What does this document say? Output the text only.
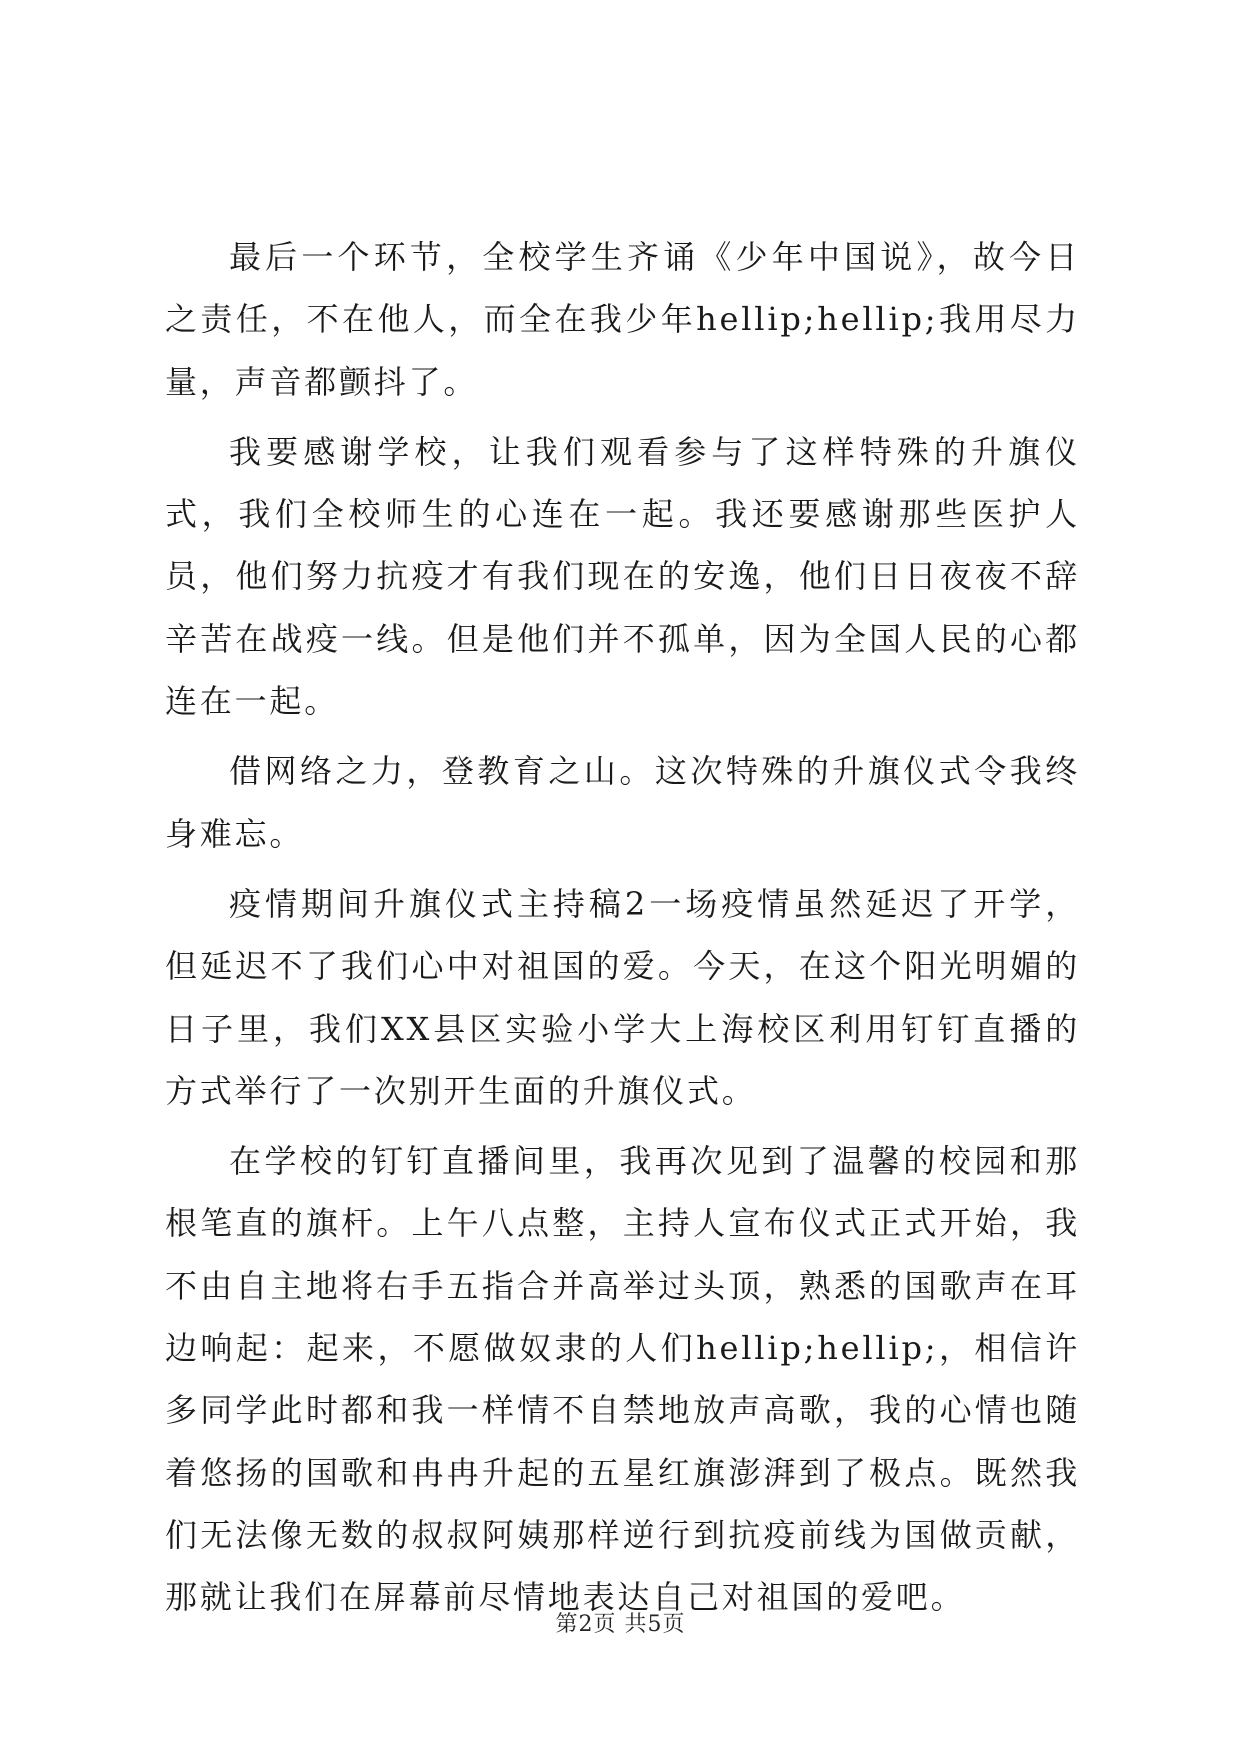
最后一个环节，全校学生齐诵《少年中国说》，故今日之责任，不在他人，而全在我少年hellip;hellip;我用尽力量，声音都颤抖了。

我要感谢学校，让我们观看参与了这样特殊的升旗仪式，我们全校师生的心连在一起。我还要感谢那些医护人员，他们努力抗疫才有我们现在的安逸，他们日日夜夜不辞辛苦在战疫一线。但是他们并不孤单，因为全国人民的心都连在一起。

借网络之力，登教育之山。这次特殊的升旗仪式令我终身难忘。

疫情期间升旗仪式主持稿2一场疫情虽然延迟了开学，但延迟不了我们心中对祖国的爱。今天，在这个阳光明媚的日子里，我们XX县区实验小学大上海校区利用钉钉直播的方式举行了一次别开生面的升旗仪式。

在学校的钉钉直播间里，我再次见到了温馨的校园和那根笔直的旗杆。上午八点整，主持人宣布仪式正式开始，我不由自主地将右手五指合并高举过头顶，熟悉的国歌声在耳边响起：起来，不愿做奴隶的人们hellip;hellip;，相信许多同学此时都和我一样情不自禁地放声高歌，我的心情也随着悠扬的国歌和冉冉升起的五星红旗澎湃到了极点。既然我们无法像无数的叔叔阿姨那样逆行到抗疫前线为国做贡献，那就让我们在屏幕前尽情地表达自己对祖国的爱吧。

第2页 共5页
